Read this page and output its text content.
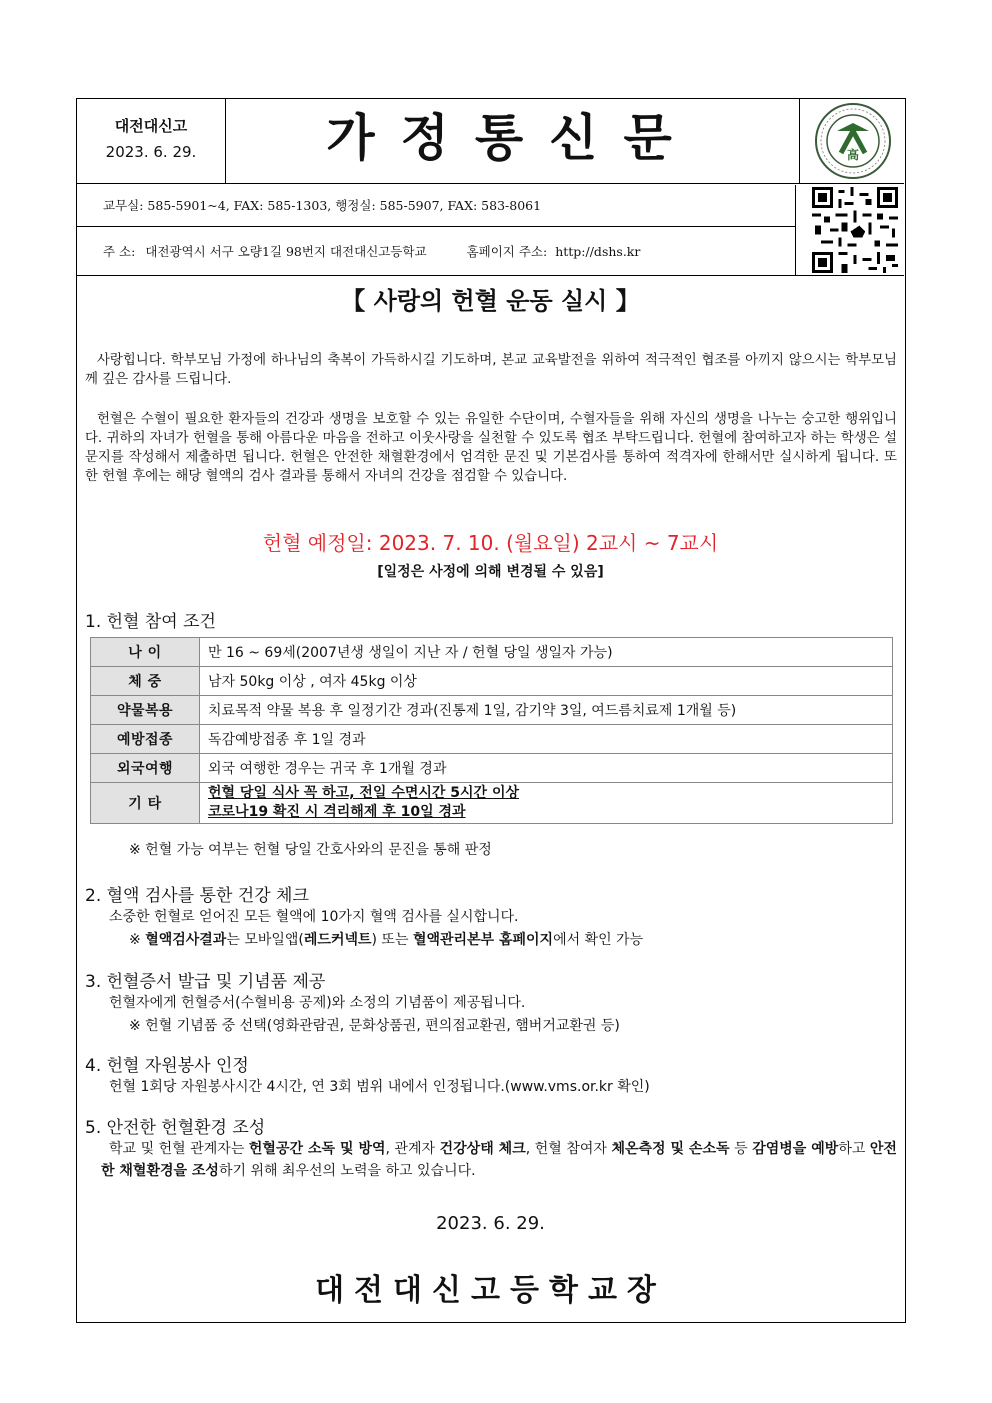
대전대신고
2023. 6. 29.	가정통신문	高
교무실: 585-5901~4, FAX: 585-1303, 행정실: 585-5907, FAX: 583-8061
주 소: 대전광역시 서구 오량1길 98번지 대전대신고등학교	홈페이지 주소: http://dshs.kr
【 사랑의 헌혈 운동 실시 】
사랑힙니다. 학부모님 가정에 하나님의 축복이 가득하시길 기도하며, 본교 교육발전을 위하여 적극적인 협조를 아끼지 않으시는 학부모님께 깊은 감사를 드립니다.
헌혈은 수혈이 필요한 환자들의 건강과 생명을 보호할 수 있는 유일한 수단이며, 수혈자들을 위해 자신의 생명을 나누는 숭고한 행위입니다. 귀하의 자녀가 헌혈을 통해 아름다운 마음을 전하고 이웃사랑을 실천할 수 있도록 협조 부탁드립니다. 헌혈에 참여하고자 하는 학생은 설문지를 작성해서 제출하면 됩니다. 헌혈은 안전한 채혈환경에서 엄격한 문진 및 기본검사를 통하여 적격자에 한해서만 실시하게 됩니다. 또한 헌혈 후에는 해당 혈액의 검사 결과를 통해서 자녀의 건강을 점검할 수 있습니다.
헌혈 예정일: 2023. 7. 10. (월요일) 2교시 ~ 7교시
[일정은 사정에 의해 변경될 수 있음]
1. 헌혈 참여 조건
나 이	만 16 ~ 69세(2007년생 생일이 지난 자 / 헌혈 당일 생일자 가능)
체 중	남자 50kg 이상 , 여자 45kg 이상
약물복용	치료목적 약물 복용 후 일정기간 경과(진통제 1일, 감기약 3일, 여드름치료제 1개월 등)
예방접종	독감예방접종 후 1일 경과
외국여행	외국 여행한 경우는 귀국 후 1개월 경과
기 타	헌혈 당일 식사 꼭 하고, 전일 수면시간 5시간 이상
코로나19 확진 시 격리해제 후 10일 경과
※ 헌혈 가능 여부는 헌혈 당일 간호사와의 문진을 통해 판정
2. 혈액 검사를 통한 건강 체크
소중한 헌혈로 얻어진 모든 혈액에 10가지 혈액 검사를 실시합니다.
※ 혈액검사결과는 모바일앱(레드커넥트) 또는 혈액관리본부 홈페이지에서 확인 가능
3. 헌혈증서 발급 및 기념품 제공
헌혈자에게 헌혈증서(수혈비용 공제)와 소정의 기념품이 제공됩니다.
※ 헌혈 기념품 중 선택(영화관람권, 문화상품권, 편의점교환권, 햄버거교환권 등)
4. 헌혈 자원봉사 인정
헌혈 1회당 자원봉사시간 4시간, 연 3회 범위 내에서 인정됩니다.(www.vms.or.kr 확인)
5. 안전한 헌혈환경 조성
학교 및 헌혈 관계자는 헌혈공간 소독 및 방역, 관계자 건강상태 체크, 헌혈 참여자 체온측정 및 손소독 등 감염병을 예방하고 안전한 채혈환경을 조성하기 위해 최우선의 노력을 하고 있습니다.
2023. 6. 29.
대전대신고등학교장
